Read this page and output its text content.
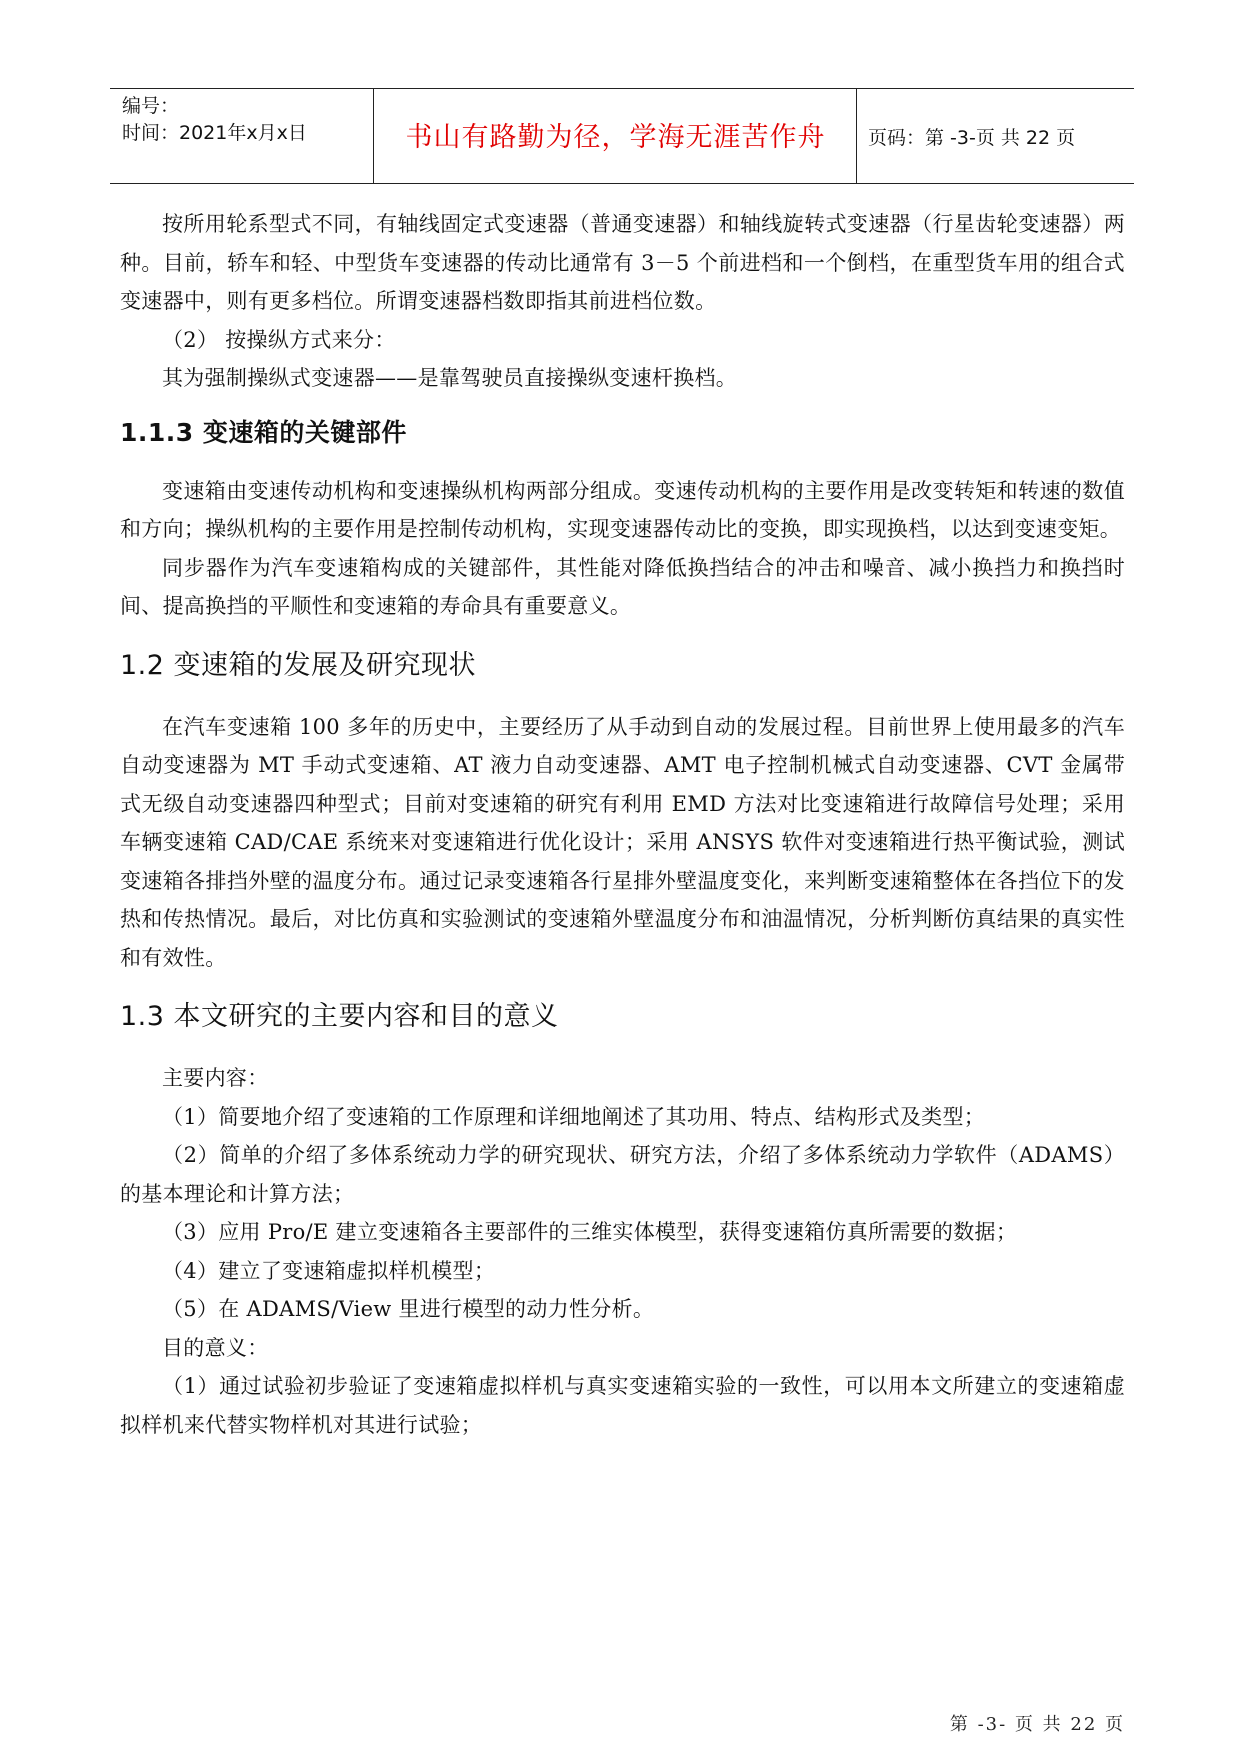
编号：
时间：2021年x月x日	书山有路勤为径，学海无涯苦作舟	页码：第 -3-页 共 22 页

按所用轮系型式不同，有轴线固定式变速器（普通变速器）和轴线旋转式变速器（行星齿轮变速器）两种。目前，轿车和轻、中型货车变速器的传动比通常有 3－5 个前进档和一个倒档，在重型货车用的组合式变速器中，则有更多档位。所谓变速器档数即指其前进档位数。

（2） 按操纵方式来分：

其为强制操纵式变速器——是靠驾驶员直接操纵变速杆换档。

1.1.3 变速箱的关键部件

变速箱由变速传动机构和变速操纵机构两部分组成。变速传动机构的主要作用是改变转矩和转速的数值和方向；操纵机构的主要作用是控制传动机构，实现变速器传动比的变换，即实现换档，以达到变速变矩。

同步器作为汽车变速箱构成的关键部件，其性能对降低换挡结合的冲击和噪音、减小换挡力和换挡时间、提高换挡的平顺性和变速箱的寿命具有重要意义。

1.2 变速箱的发展及研究现状

在汽车变速箱 100 多年的历史中，主要经历了从手动到自动的发展过程。目前世界上使用最多的汽车自动变速器为 MT 手动式变速箱、AT 液力自动变速器、AMT 电子控制机械式自动变速器、CVT 金属带式无级自动变速器四种型式；目前对变速箱的研究有利用 EMD 方法对比变速箱进行故障信号处理；采用车辆变速箱 CAD/CAE 系统来对变速箱进行优化设计；采用 ANSYS 软件对变速箱进行热平衡试验，测试变速箱各排挡外壁的温度分布。通过记录变速箱各行星排外壁温度变化，来判断变速箱整体在各挡位下的发热和传热情况。最后，对比仿真和实验测试的变速箱外壁温度分布和油温情况，分析判断仿真结果的真实性和有效性。

1.3 本文研究的主要内容和目的意义

主要内容：

（1）简要地介绍了变速箱的工作原理和详细地阐述了其功用、特点、结构形式及类型；

（2）简单的介绍了多体系统动力学的研究现状、研究方法，介绍了多体系统动力学软件（ADAMS）的基本理论和计算方法；

（3）应用 Pro/E 建立变速箱各主要部件的三维实体模型，获得变速箱仿真所需要的数据；

（4）建立了变速箱虚拟样机模型；

（5）在 ADAMS/View 里进行模型的动力性分析。

目的意义：

（1）通过试验初步验证了变速箱虚拟样机与真实变速箱实验的一致性，可以用本文所建立的变速箱虚拟样机来代替实物样机对其进行试验；

第 -3- 页 共 22 页
